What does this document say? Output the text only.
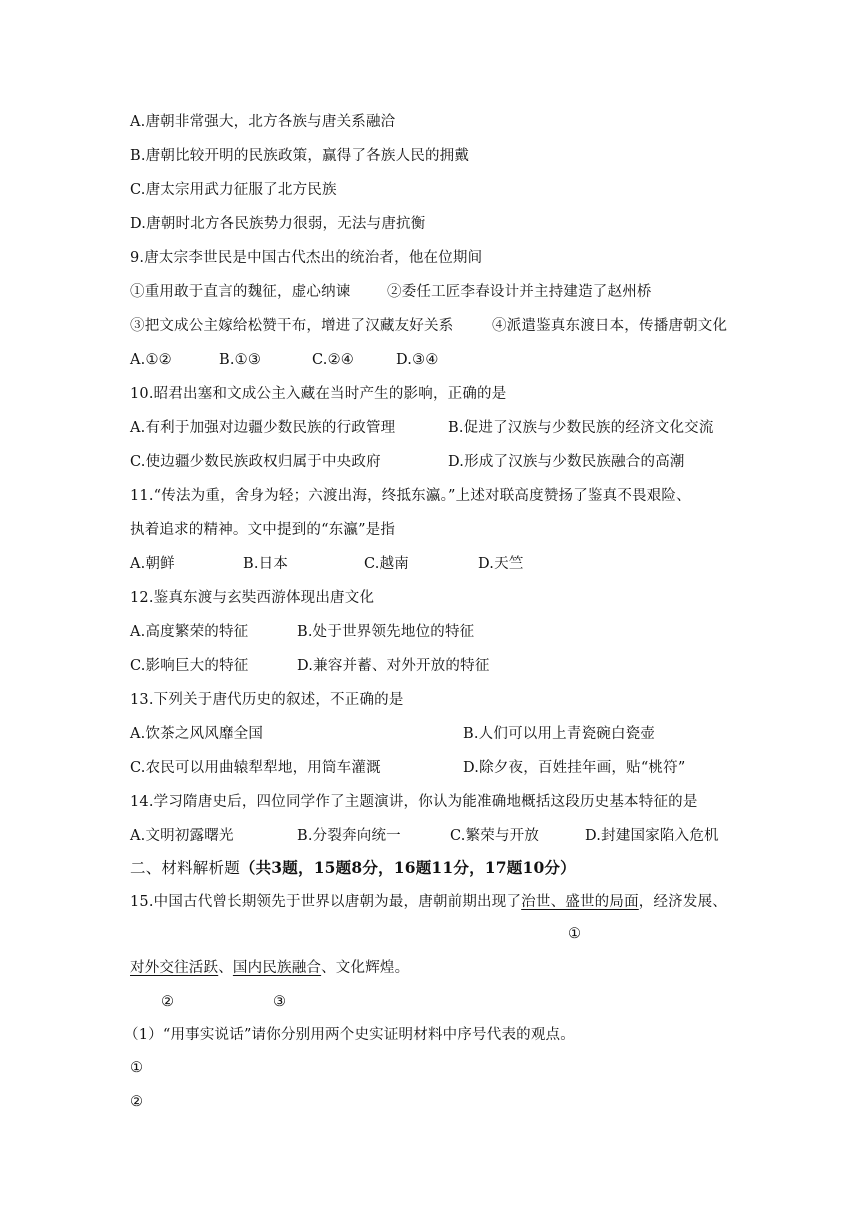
A.唐朝非常强大，北方各族与唐关系融洽
B.唐朝比较开明的民族政策，赢得了各族人民的拥戴
C.唐太宗用武力征服了北方民族
D.唐朝时北方各民族势力很弱，无法与唐抗衡
9.唐太宗李世民是中国古代杰出的统治者，他在位期间
①重用敢于直言的魏征，虚心纳谏	②委任工匠李春设计并主持建造了赵州桥
③把文成公主嫁给松赞干布，增进了汉藏友好关系	④派遣鉴真东渡日本，传播唐朝文化
A.①②	B.①③	C.②④	D.③④
10.昭君出塞和文成公主入藏在当时产生的影响，正确的是
A.有利于加强对边疆少数民族的行政管理	B.促进了汉族与少数民族的经济文化交流
C.使边疆少数民族政权归属于中央政府	D.形成了汉族与少数民族融合的高潮
11.“传法为重，舍身为轻；六渡出海，终抵东瀛。”上述对联高度赞扬了鉴真不畏艰险、
执着追求的精神。文中提到的“东瀛”是指
A.朝鲜	B.日本	C.越南	D.天竺
12.鉴真东渡与玄奘西游体现出唐文化
A.高度繁荣的特征	B.处于世界领先地位的特征
C.影响巨大的特征	D.兼容并蓄、对外开放的特征
13.下列关于唐代历史的叙述，不正确的是
A.饮茶之风风靡全国	B.人们可以用上青瓷碗白瓷壶
C.农民可以用曲辕犁犁地，用筒车灌溉	D.除夕夜，百姓挂年画，贴“桃符”
14.学习隋唐史后，四位同学作了主题演讲，你认为能准确地概括这段历史基本特征的是
A.文明初露曙光	B.分裂奔向统一	C.繁荣与开放	D.封建国家陷入危机
二、材料解析题（共3题，15题8分，16题11分，17题10分）
15.中国古代曾长期领先于世界以唐朝为最，唐朝前期出现了治世、盛世的局面，经济发展、
①
对外交往活跃、国内民族融合、文化辉煌。
②	③
（1）“用事实说话”请你分别用两个史实证明材料中序号代表的观点。
①
②
